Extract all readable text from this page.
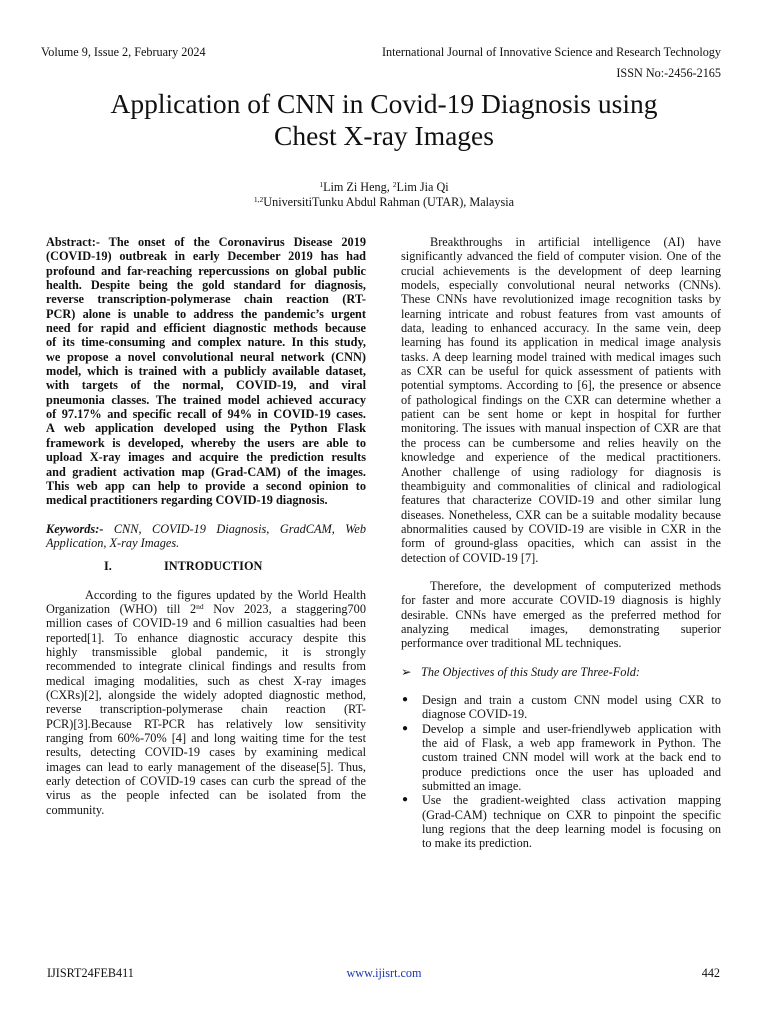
Volume 9, Issue 2, February 2024	International Journal of Innovative Science and Research Technology
ISSN No:-2456-2165
Application of CNN in Covid-19 Diagnosis using
Chest X-ray Images
$^1$Lim Zi Heng, $^2$Lim Jia Qi
$^{1,2}$UniversitiTunku Abdul Rahman (UTAR), Malaysia

Abstract:- The onset of the Coronavirus Disease 2019

(COVID-19) outbreak in early December 2019 has had

profound and far-reaching repercussions on global public

health. Despite being the gold standard for diagnosis,

reverse transcription-polymerase chain reaction (RT-

PCR) alone is unable to address the pandemic’s urgent

need for rapid and efficient diagnostic methods because

of its time-consuming and complex nature. In this study,

we propose a novel convolutional neural network (CNN)

model, which is trained with a publicly available dataset,

with targets of the normal, COVID-19, and viral

pneumonia classes. The trained model achieved accuracy

of 97.17% and specific recall of 94% in COVID-19 cases.

A web application developed using the Python Flask

framework is developed, whereby the users are able to

upload X-ray images and acquire the prediction results

and gradient activation map (Grad-CAM) of the images.

This web app can help to provide a second opinion to

medical practitioners regarding COVID-19 diagnosis.

Keywords:- CNN, COVID-19 Diagnosis, GradCAM, Web

Application, X-ray Images.

I.	INTRODUCTION

According to the figures updated by the World Health

Organization (WHO) till 2nd Nov 2023, a staggering700

million cases of COVID-19 and 6 million casualties had been

reported[1]. To enhance diagnostic accuracy despite this

highly transmissible global pandemic, it is strongly

recommended to integrate clinical findings and results from

medical imaging modalities, such as chest X-ray images

(CXRs)[2], alongside the widely adopted diagnostic method,

reverse transcription-polymerase chain reaction (RT-

PCR)[3].Because RT-PCR has relatively low sensitivity

ranging from 60%-70% [4] and long waiting time for the test

results, detecting COVID-19 cases by examining medical

images can lead to early management of the disease[5]. Thus,

early detection of COVID-19 cases can curb the spread of the

virus as the people infected can be isolated from the

community.

Breakthroughs in artificial intelligence (AI) have

significantly advanced the field of computer vision. One of the

crucial achievements is the development of deep learning

models, especially convolutional neural networks (CNNs).

These CNNs have revolutionized image recognition tasks by

learning intricate and robust features from vast amounts of

data, leading to enhanced accuracy. In the same vein, deep

learning has found its application in medical image analysis

tasks. A deep learning model trained with medical images such

as CXR can be useful for quick assessment of patients with

potential symptoms. According to [6], the presence or absence

of pathological findings on the CXR can determine whether a

patient can be sent home or kept in hospital for further

monitoring. The issues with manual inspection of CXR are that

the process can be cumbersome and relies heavily on the

knowledge and experience of the medical practitioners.

Another challenge of using radiology for diagnosis is

theambiguity and commonalities of clinical and radiological

features that characterize COVID-19 and other similar lung

diseases. Nonetheless, CXR can be a suitable modality because

abnormalities caused by COVID-19 are visible in CXR in the

form of ground-glass opacities, which can assist in the

detection of COVID-19 [7].

Therefore, the development of computerized methods

for faster and more accurate COVID-19 diagnosis is highly

desirable. CNNs have emerged as the preferred method for

analyzing medical images, demonstrating superior

performance over traditional ML techniques.

➢ The Objectives of this Study are Three-Fold:

● Design and train a custom CNN model using CXR to

diagnose COVID-19.

● Develop a simple and user-friendlyweb application with

the aid of Flask, a web app framework in Python. The

custom trained CNN model will work at the back end to

produce predictions once the user has uploaded and

submitted an image.

● Use the gradient-weighted class activation mapping

(Grad-CAM) technique on CXR to pinpoint the specific

lung regions that the deep learning model is focusing on

to make its prediction.

IJISRT24FEB411	www.ijisrt.com	442
